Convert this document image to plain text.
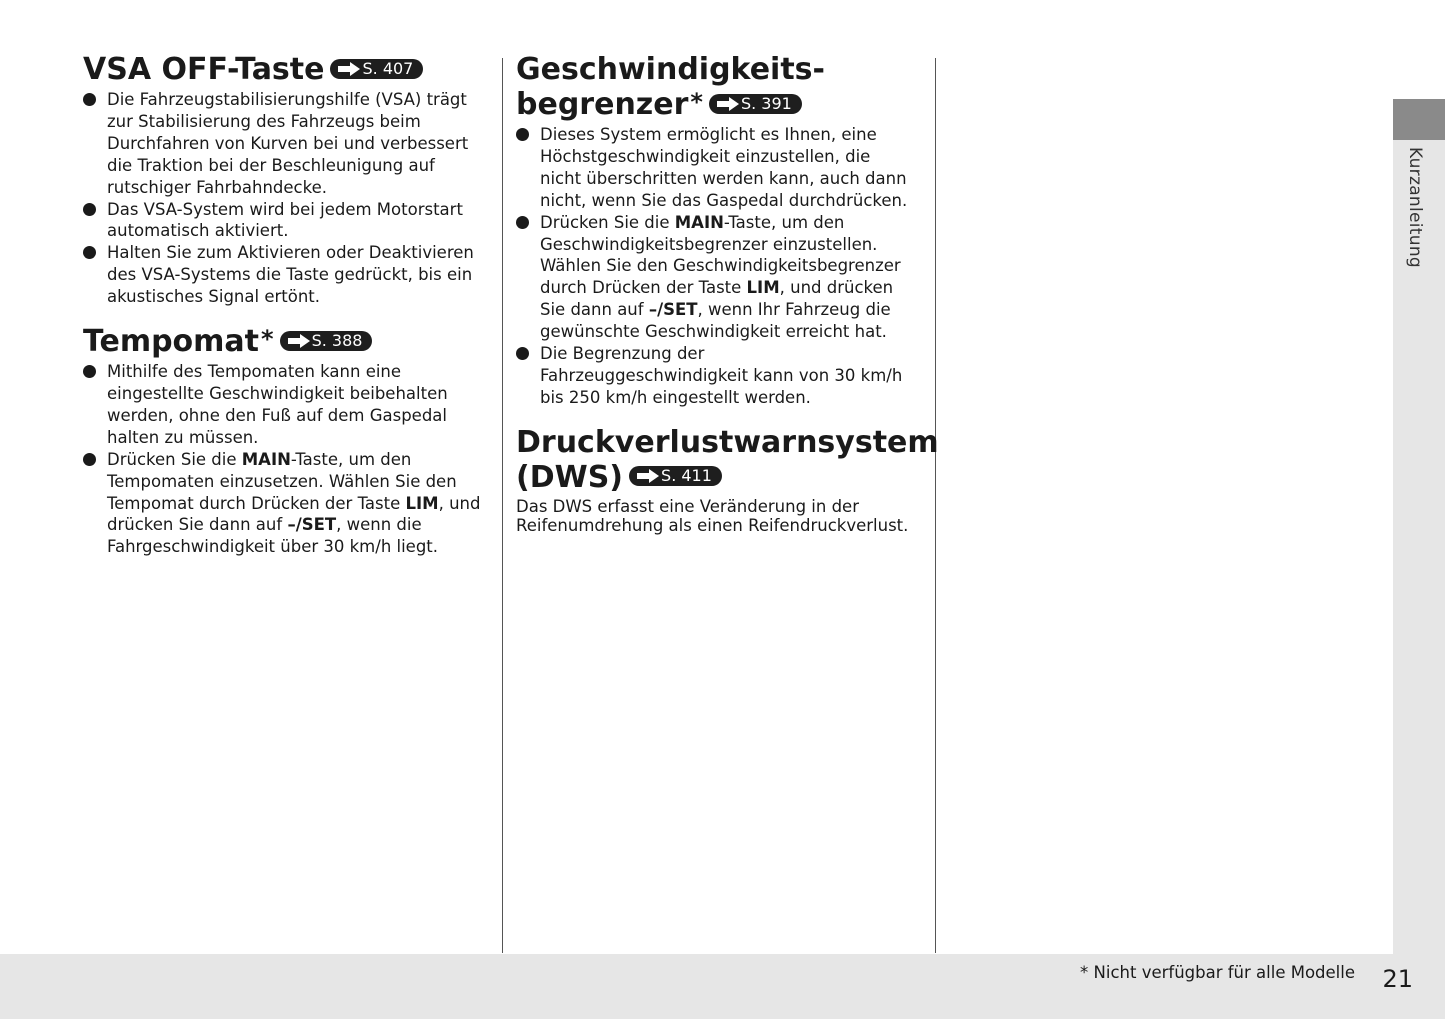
VSA OFF-Taste S. 407
Die Fahrzeugstabilisierungshilfe (VSA) trägt zur Stabilisierung des Fahrzeugs beim Durchfahren von Kurven bei und verbessert die Traktion bei der Beschleunigung auf rutschiger Fahrbahndecke.
Das VSA-System wird bei jedem Motorstart automatisch aktiviert.
Halten Sie zum Aktivieren oder Deaktivieren des VSA-Systems die Taste gedrückt, bis ein akustisches Signal ertönt.
Tempomat* S. 388
Mithilfe des Tempomaten kann eine eingestellte Geschwindigkeit beibehalten werden, ohne den Fuß auf dem Gaspedal halten zu müssen.
Drücken Sie die MAIN-Taste, um den Tempomaten einzusetzen. Wählen Sie den Tempomat durch Drücken der Taste LIM, und drücken Sie dann auf –/SET, wenn die Fahrgeschwindigkeit über 30 km/h liegt.
Geschwindigkeits-
begrenzer* S. 391
Dieses System ermöglicht es Ihnen, eine Höchstgeschwindigkeit einzustellen, die nicht überschritten werden kann, auch dann nicht, wenn Sie das Gaspedal durchdrücken.
Drücken Sie die MAIN-Taste, um den Geschwindigkeitsbegrenzer einzustellen. Wählen Sie den Geschwindigkeitsbegrenzer durch Drücken der Taste LIM, und drücken Sie dann auf –/SET, wenn Ihr Fahrzeug die gewünschte Geschwindigkeit erreicht hat.
Die Begrenzung der Fahrzeuggeschwindigkeit kann von 30 km/h bis 250 km/h eingestellt werden.
Druckverlustwarnsystem
(DWS) S. 411

Das DWS erfasst eine Veränderung in der Reifenumdrehung als einen Reifendruckverlust.

Kurzanleitung
* Nicht verfügbar für alle Modelle 21
